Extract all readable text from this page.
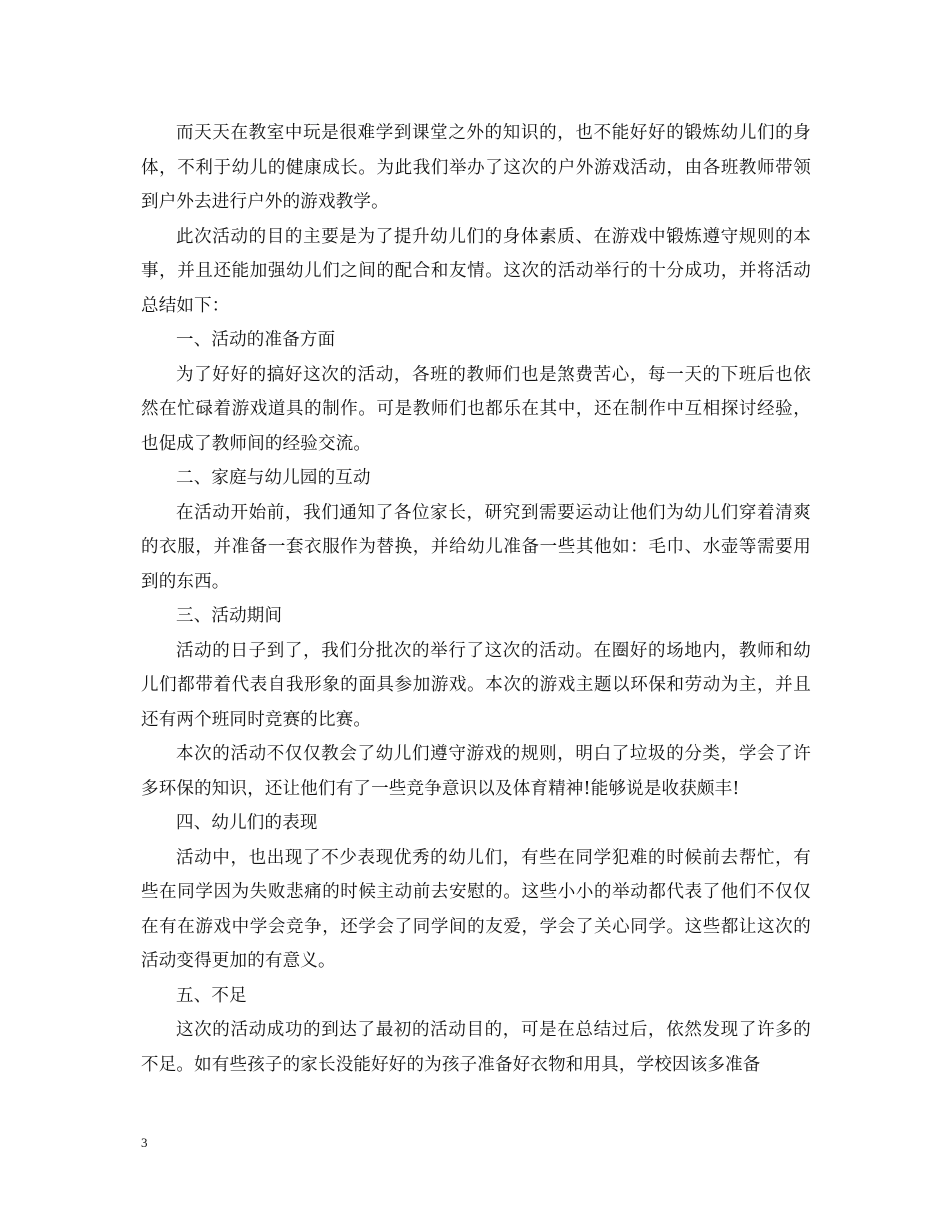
而天天在教室中玩是很难学到课堂之外的知识的，也不能好好的锻炼幼儿们的身体，不利于幼儿的健康成长。为此我们举办了这次的户外游戏活动，由各班教师带领到户外去进行户外的游戏教学。

此次活动的目的主要是为了提升幼儿们的身体素质、在游戏中锻炼遵守规则的本事，并且还能加强幼儿们之间的配合和友情。这次的活动举行的十分成功，并将活动总结如下：

一、活动的准备方面

为了好好的搞好这次的活动，各班的教师们也是煞费苦心，每一天的下班后也依然在忙碌着游戏道具的制作。可是教师们也都乐在其中，还在制作中互相探讨经验，也促成了教师间的经验交流。

二、家庭与幼儿园的互动

在活动开始前，我们通知了各位家长，研究到需要运动让他们为幼儿们穿着清爽的衣服，并准备一套衣服作为替换，并给幼儿准备一些其他如：毛巾、水壶等需要用到的东西。

三、活动期间

活动的日子到了，我们分批次的举行了这次的活动。在圈好的场地内，教师和幼儿们都带着代表自我形象的面具参加游戏。本次的游戏主题以环保和劳动为主，并且还有两个班同时竞赛的比赛。

本次的活动不仅仅教会了幼儿们遵守游戏的规则，明白了垃圾的分类，学会了许多环保的知识，还让他们有了一些竞争意识以及体育精神!能够说是收获颇丰!

四、幼儿们的表现

活动中，也出现了不少表现优秀的幼儿们，有些在同学犯难的时候前去帮忙，有些在同学因为失败悲痛的时候主动前去安慰的。这些小小的举动都代表了他们不仅仅在有在游戏中学会竞争，还学会了同学间的友爱，学会了关心同学。这些都让这次的活动变得更加的有意义。

五、不足

这次的活动成功的到达了最初的活动目的，可是在总结过后，依然发现了许多的不足。如有些孩子的家长没能好好的为孩子准备好衣物和用具，学校因该多准备

3
